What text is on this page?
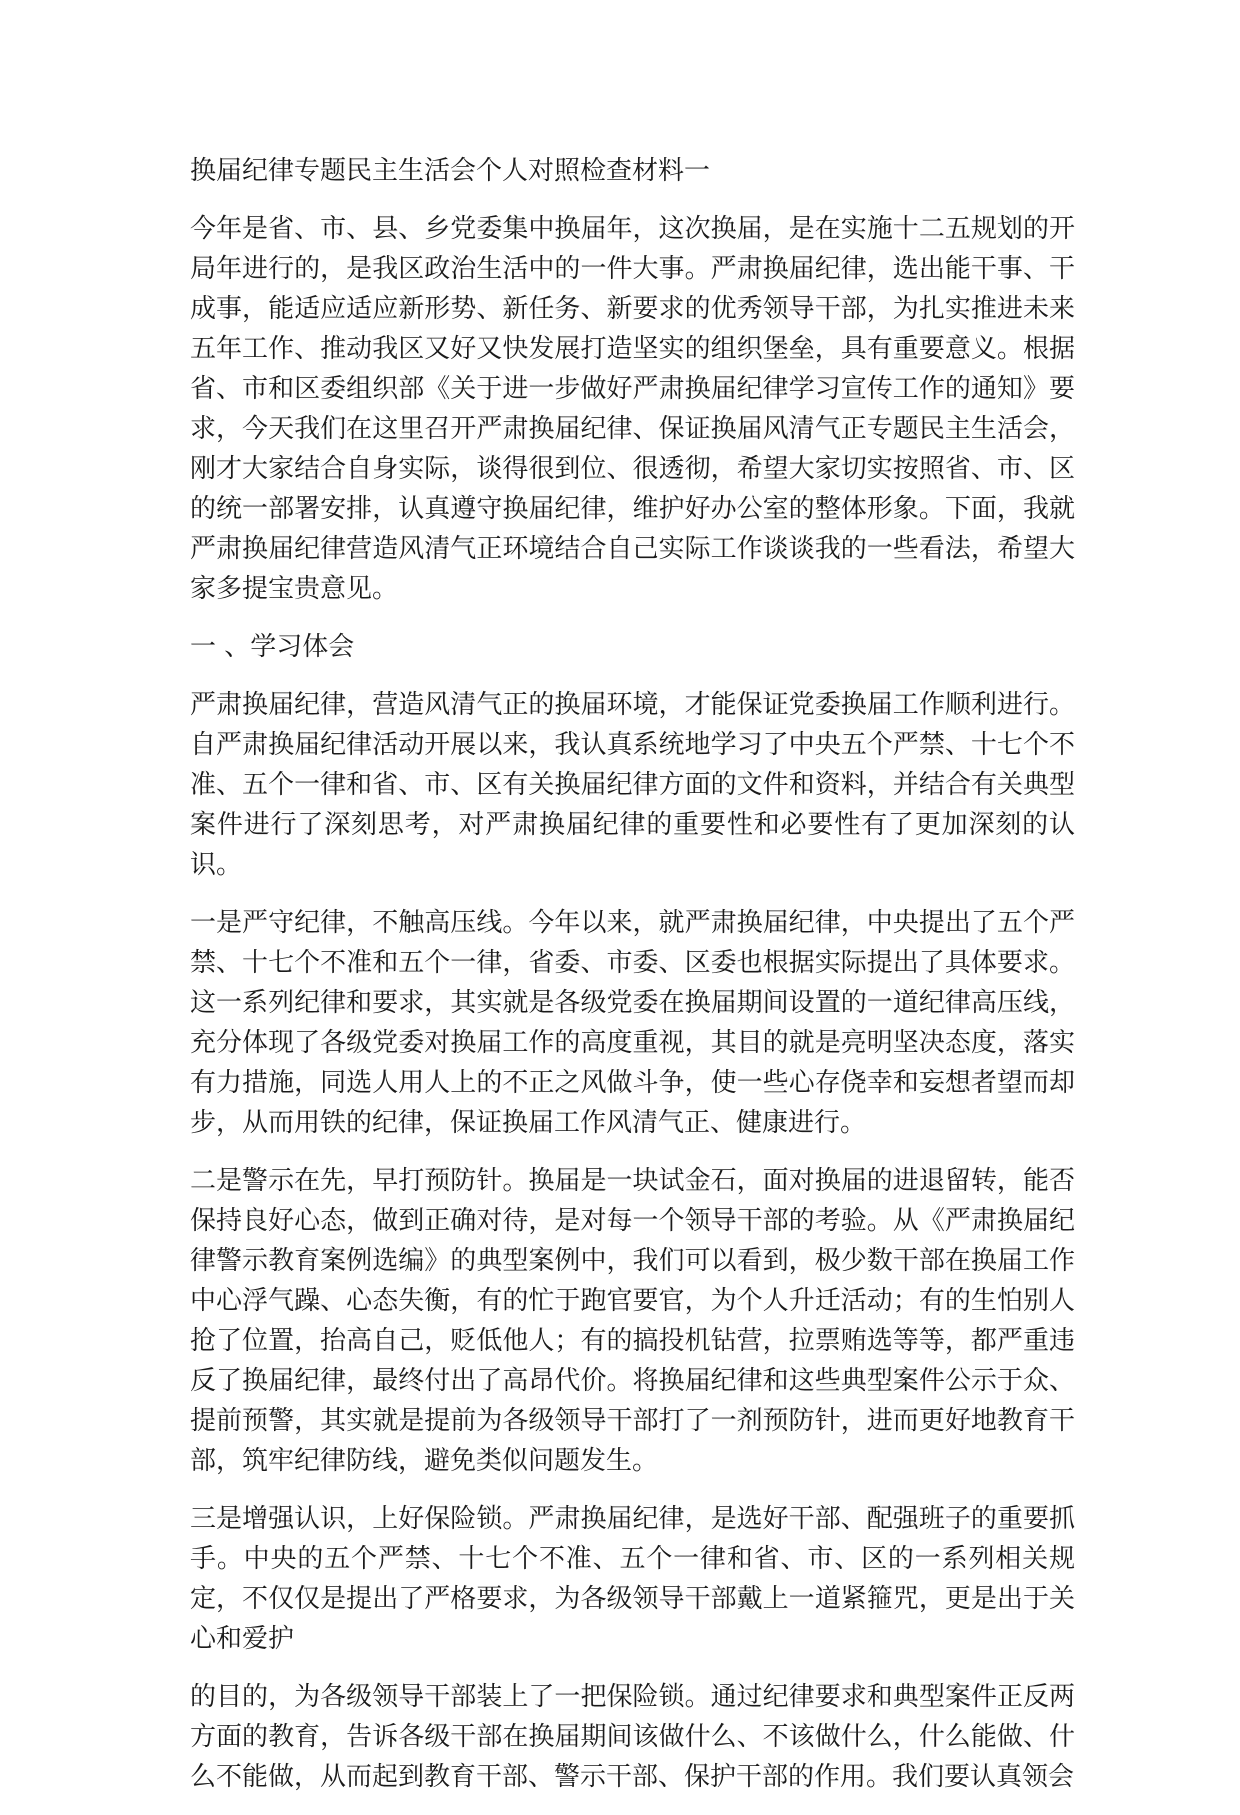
换届纪律专题民主生活会个人对照检查材料一

今年是省、市、县、乡党委集中换届年，这次换届，是在实施十二五规划的开局年进行的，是我区政治生活中的一件大事。严肃换届纪律，选出能干事、干成事，能适应适应新形势、新任务、新要求的优秀领导干部，为扎实推进未来五年工作、推动我区又好又快发展打造坚实的组织堡垒，具有重要意义。根据省、市和区委组织部《关于进一步做好严肃换届纪律学习宣传工作的通知》要求，今天我们在这里召开严肃换届纪律、保证换届风清气正专题民主生活会，刚才大家结合自身实际，谈得很到位、很透彻，希望大家切实按照省、市、区的统一部署安排，认真遵守换届纪律，维护好办公室的整体形象。下面，我就严肃换届纪律营造风清气正环境结合自己实际工作谈谈我的一些看法，希望大家多提宝贵意见。

一 、学习体会

严肃换届纪律，营造风清气正的换届环境，才能保证党委换届工作顺利进行。自严肃换届纪律活动开展以来，我认真系统地学习了中央五个严禁、十七个不准、五个一律和省、市、区有关换届纪律方面的文件和资料，并结合有关典型案件进行了深刻思考，对严肃换届纪律的重要性和必要性有了更加深刻的认识。

一是严守纪律，不触高压线。今年以来，就严肃换届纪律，中央提出了五个严禁、十七个不准和五个一律，省委、市委、区委也根据实际提出了具体要求。这一系列纪律和要求，其实就是各级党委在换届期间设置的一道纪律高压线，充分体现了各级党委对换届工作的高度重视，其目的就是亮明坚决态度，落实有力措施，同选人用人上的不正之风做斗争，使一些心存侥幸和妄想者望而却步，从而用铁的纪律，保证换届工作风清气正、健康进行。

二是警示在先，早打预防针。换届是一块试金石，面对换届的进退留转，能否保持良好心态，做到正确对待，是对每一个领导干部的考验。从《严肃换届纪律警示教育案例选编》的典型案例中，我们可以看到，极少数干部在换届工作中心浮气躁、心态失衡，有的忙于跑官要官，为个人升迁活动；有的生怕别人抢了位置，抬高自己，贬低他人；有的搞投机钻营，拉票贿选等等，都严重违反了换届纪律，最终付出了高昂代价。将换届纪律和这些典型案件公示于众、提前预警，其实就是提前为各级领导干部打了一剂预防针，进而更好地教育干部，筑牢纪律防线，避免类似问题发生。

三是增强认识，上好保险锁。严肃换届纪律，是选好干部、配强班子的重要抓手。中央的五个严禁、十七个不准、五个一律和省、市、区的一系列相关规定，不仅仅是提出了严格要求，为各级领导干部戴上一道紧箍咒，更是出于关心和爱护

的目的，为各级领导干部装上了一把保险锁。通过纪律要求和典型案件正反两方面的教育，告诉各级干部在换届期间该做什么、不该做什么，什么能做、什么不能做，从而起到教育干部、警示干部、保护干部的作用。我们要认真领会
